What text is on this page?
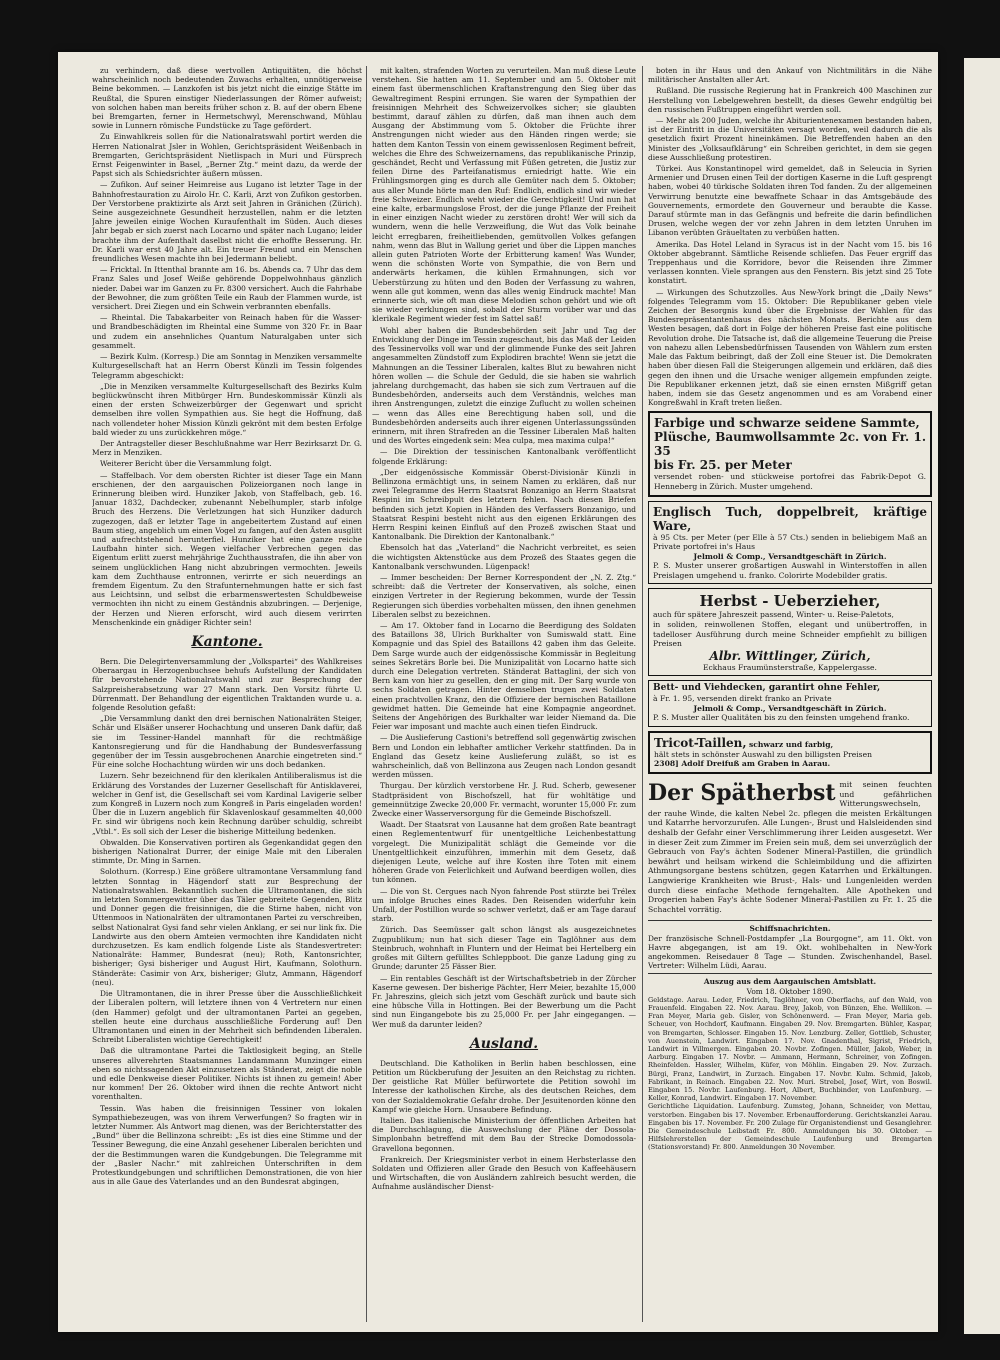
zu verhindern, daß diese wertvollen Antiquitäten, die höchst wahrscheinlich noch bedeutenden Zuwachs erhalten, unnötigerweise Beine bekommen. — Lanzkofen ist bis jetzt nicht die einzige Stätte im Reußtal, die Spuren einstiger Niederlassungen der Römer aufweist; von solchen haben man bereits früher schon z. B. auf der obern Ebene bei Bremgarten, ferner in Hermetschwyl, Merenschwand, Mühlau sowie in Lunnern römische Fundstücke zu Tage gefördert.

Zu Einwahlkreis sollen für die Nationalratswahl portirt werden die Herren Nationalrat Jsler in Wohlen, Gerichtspräsident Weißenbach in Bremgarten, Gerichtspräsident Nietlispach in Muri und Fürsprech Ernst Feigenwinter in Basel, „Berner Ztg.“ meint dazu, da werde der Papst sich als Schiedsrichter äußern müssen.

— Zufikon. Auf seiner Heimreise aus Lugano ist letzter Tage in der Bahnhofrestauration zu Airolo Hr. C. Karli, Arzt von Zufikon gestorben. Der Verstorbene praktizirte als Arzt seit Jahren in Gränichen (Zürich). Seine ausgezeichnete Gesundheit herzustellen, nahm er die letzten Jahre jeweilen einige Wochen Kuraufenthalt im Süden. Auch dieses Jahr begab er sich zuerst nach Locarno und später nach Lugano; leider brachte ihm der Aufenthalt daselbst nicht die erhoffte Besserung. Hr. Dr. Karli war erst 40 Jahre alt. Ein treuer Freund und ein Menschen freundliches Wesen machte ihn bei Jedermann beliebt.

— Fricktal. In Ittenthal brannte am 16. bs. Abends ca. 7 Uhr das dem Franz Sales und Josef Weiße gehörende Doppelwohnhaus gänzlich nieder. Dabei war im Ganzen zu Fr. 8300 versichert. Auch die Fahrhabe der Bewohner, die zum größten Teile ein Raub der Flammen wurde, ist versichert. Drei Ziegen und ein Schwein verbrannten ebenfalls.

— Rheintal. Die Tabakarbeiter von Reinach haben für die Wasser- und Brandbeschädigten im Rheintal eine Summe von 320 Fr. in Baar und zudem ein ansehnliches Quantum Naturalgaben unter sich gesammelt.

— Bezirk Kulm. (Korresp.) Die am Sonntag in Menziken versammelte Kulturgesellschaft hat an Herrn Oberst Künzli im Tessin folgendes Telegramm abgeschickt:

„Die in Menziken versammelte Kulturgesellschaft des Bezirks Kulm beglückwünscht ihren Mitbürger Hrn. Bundeskommissär Künzli als einen der ersten Schweizerbürger der Gegenwart und spricht demselben ihre vollen Sympathien aus. Sie hegt die Hoffnung, daß nach vollendeter hoher Mission Künzli gekrönt mit dem besten Erfolge bald wieder zu uns zurückkehren möge.“

Der Antragsteller dieser Beschlußnahme war Herr Bezirksarzt Dr. G. Merz in Menziken.

Weiterer Bericht über die Versammlung folgt.

— Staffelbach. Vor dem obersten Richter ist dieser Tage ein Mann erschienen, der den aargauischen Polizeiorganen noch lange in Erinnerung bleiben wird. Hunziker Jakob, von Staffelbach, geb. 16. Januar 1832, Dachdecker, zubenannt Nebelhumpler, starb infolge Bruch des Herzens. Die Verletzungen hat sich Hunziker dadurch zugezogen, daß er letzter Tage in angebeitertem Zustand auf einen Baum stieg, angeblich um einen Vogel zu fangen, auf den Ästen ausglitt und aufrechtstehend herunterfiel. Hunziker hat eine ganze reiche Laufbahn hinter sich. Wegen vielfacher Verbrechen gegen das Eigentum erlitt zuerst mehrjährige Zuchthausstrafen, die ihn aber von seinem unglücklichen Hang nicht abzubringen vermochten. Jeweils kam dem Zuchthause entronnen, verirrte er sich neuerdings an fremdem Eigentum. Zu den Strafunternehmungen hatte er sich fast aus Leichtsinn, und selbst die erbarmenswertesten Schuldbeweise vermochten ihn nicht zu einem Geständnis abzubringen. — Derjenige, der Herzen und Nieren erforscht, wird auch diesem verirrten Menschenkinde ein gnädiger Richter sein!

Kantone.

Bern. Die Delegirtenversammlung der „Volkspartei“ des Wahlkreises Oberaargau in Herzogenbuchsee behufs Aufstellung der Kandidaten für bevorstehende Nationalratswahl und zur Besprechung der Salzpreisherabsetzung war 27 Mann stark. Den Vorsitz führte U. Dürrenmatt. Der Behandlung der eigentlichen Traktanden wurde u. a. folgende Resolution gefaßt:

„Die Versammlung dankt den drei bernischen Nationalräten Steiger, Schär und Elsäßer unserer Hochachtung und unseren Dank dafür, daß sie im Tessiner-Handel mannhaft für die rechtmäßige Kantonsregierung und für die Handhabung der Bundesverfassung gegenüber der im Tessin ausgebrochenen Anarchie eingetreten sind.“ Für eine solche Hochachtung würden wir uns doch bedanken.

Luzern. Sehr bezeichnend für den klerikalen Antiliberalismus ist die Erklärung des Vorstandes der Luzerner Gesellschaft für Antisklaverei, welcher in Genf ist, die Gesellschaft sei vom Kardinal Lavigerie selber zum Kongreß in Luzern noch zum Kongreß in Paris eingeladen worden! Über die in Luzern angeblich für Sklavenloskauf gesammelten 40,000 Fr. sind wir übrigens noch kein Rechnung darüber schuldig, schreibt „Vtbl.“. Es soll sich der Leser die bisherige Mitteilung bedenken.

Obwalden. Die Konservativen portiren als Gegenkandidat gegen den bisherigen Nationalrat Durrer, der einige Male mit den Liberalen stimmte, Dr. Ming in Sarnen.

Solothurn. (Korresp.) Eine größere ultramontane Versammlung fand letzten Sonntag in Hägendorf statt zur Besprechung der Nationalratswahlen. Bekanntlich suchen die Ultramontanen, die sich im letzten Sommergewitter über das Täler gebreitete Gegenden, Blitz und Donner gegen die freisinnigen, die die Stirne haben, nicht von Uttenmoos in Nationalräten der ultramontanen Partei zu verschreiben, selbst Nationalrat Gysi fand sehr vielen Anklang, er sei nur link fix. Die Landwirte aus den obern Amteien vermochten ihre Kandidaten nicht durchzusetzen. Es kam endlich folgende Liste als Standesvertreter: Nationalräte: Hammer, Bundesrat (neu); Roth, Kantonsrichter, bisheriger; Gysi bisheriger und August Hirt, Kaufmann, Solothurn. Ständeräte: Casimir von Arx, bisheriger; Glutz, Ammann, Hägendorf (neu).

Die Ultramontanen, die in ihrer Presse über die Ausschließlichkeit der Liberalen poltern, will letztere ihnen von 4 Vertretern nur einen (den Hammer) gefolgt und der ultramontanen Partei an gegeben, stellen heute eine durchaus ausschließliche Forderung auf! Den Ultramontanen und einen in der Mehrheit sich befindenden Liberalen. Schreibt Liberalisten wichtige Gerechtigkeit!

Daß die ultramontane Partei die Taktlosigkeit beging, an Stelle unseres allverehrten Staatsmannes Landammann Munzinger einen eben so nichtssagenden Akt einzusetzen als Ständerat, zeigt die noble und edle Denkweise dieser Politiker. Nichts ist ihnen zu gemein! Aber nur kommen! Der 26. Oktober wird ihnen die rechte Antwort nicht vorenthalten.

Tessin. Was haben die freisinnigen Tessiner von lokalen Sympathiebezeugen, was von ihrem Verwerfungen? So fragten wir in letzter Nummer. Als Antwort mag dienen, was der Berichterstatter des „Bund“ über die Bellinzona schreibt: „Es ist dies eine Stimme und der Tessiner Bewegung, die eine Anzahl gesehener Liberalen berichten und der die Bestimmungen waren die Kundgebungen. Die Telegramme mit der „Basler Nachr.“ mit zahlreichen Unterschriften in dem Protestkundgebungen und schriftlichen Demonstrationen, die von hier aus in alle Gaue des Vaterlandes und an den Bundesrat abgingen,

mit kalten, strafenden Worten zu verurteilen. Man muß diese Leute verstehen. Sie hatten am 11. September und am 5. Oktober mit einem fast übermenschlichen Kraftanstrengung den Sieg über das Gewaltregiment Respini errungen. Sie waren der Sympathien der freisinnigen Mehrheit des Schweizervolkes sicher; sie glaubten bestimmt, darauf zählen zu dürfen, daß man ihnen auch dem Ausgang der Abstimmung vom 5. Oktober die Früchte ihrer Anstrengungen nicht wieder aus den Händen ringen werde; sie hatten dem Kanton Tessin von einem gewissenlosen Regiment befreit, welches die Ehre des Schweizernamens, das republikanische Prinzip, geschändet, Recht und Verfassung mit Füßen getreten, die Justiz zur feilen Dirne des Parteifanatismus erniedrigt hatte. Wie ein Frühlingsmorgen ging es durch alle Gemüter nach dem 5. Oktober; aus aller Munde hörte man den Ruf: Endlich, endlich sind wir wieder freie Schweizer. Endlich weht wieder die Gerechtigkeit! Und nun hat eine kalte, erbarmungslose Frost, der die junge Pflanze der Freiheit in einer einzigen Nacht wieder zu zerstören droht! Wer will sich da wundern, wenn die helle Verzweiflung, die Wut das Volk beinahe leicht erregbaren, freiheitliebenden, gemütvollen Volkes gefangen nahm, wenn das Blut in Wallung geriet und über die Lippen manches allein guten Patrioten Worte der Erbitterung kamen! Was Wunder, wenn die schönsten Worte von Sympathie, die von Bern und anderwärts herkamen, die kühlen Ermahnungen, sich vor Ueberstürzung zu hüten und den Boden der Verfassung zu wahren, wenn alle gut kommen, wenn das alles wenig Eindruck machte! Man erinnerte sich, wie oft man diese Melodien schon gehört und wie oft sie wieder verklungen sind, sobald der Sturm vorüber war und das klerikale Regiment wieder fest im Sattel saß!

Wohl aber haben die Bundesbehörden seit Jahr und Tag der Entwicklung der Dinge im Tessin zugeschaut, bis das Maß der Leiden des Tessinervolks voll war und der glimmende Funke des seit Jahren angesammelten Zündstoff zum Explodiren brachte! Wenn sie jetzt die Mahnungen an die Tessiner Liberalen, kaltes Blut zu bewahren nicht hören wollen — die Schule der Geduld, die sie haben sie wahrlich jahrelang durchgemacht, das haben sie sich zum Vertrauen auf die Bundesbehörden, anderseits auch dem Verständnis, welches man ihren Anstrengungen, zuletzt die einzige Zuflucht zu wollen scheinen — wenn das Alles eine Berechtigung haben soll, und die Bundesbehörden anderseits auch ihrer eigenen Unterlassungssünden erinnern, mit ihren Strafreden an die Tessiner Liberalen Maß halten und des Wortes eingedenk sein: Mea culpa, mea maxima culpa!“

— Die Direktion der tessinischen Kantonalbank veröffentlicht folgende Erklärung:

„Der eidgenössische Kommissär Oberst-Divisionär Künzli in Bellinzona ermächtigt uns, in seinem Namen zu erklären, daß nur zwei Telegramme des Herrn Staatsrat Bonzanigo an Herrn Staatsrat Respini im Schreibpult des letztern fehlen. Nach diesen Briefen befinden sich jetzt Kopien in Händen des Verfassers Bonzanigo, und Staatsrat Respini besteht nicht aus den eigenen Erklärungen des Herrn Respini keinen Einfluß auf den Prozeß zwischen Staat und Kantonalbank. Die Direktion der Kantonalbank.“

Ebensolch hat das „Vaterland“ die Nachricht verbreitet, es seien die wichtigsten Aktenstücke aus dem Prozeß des Staates gegen die Kantonalbank verschwunden. Lügenpack!

— Immer bescheiden: Der Berner Korrespondent der „N. Z. Ztg.“ schreibt: daß die Vertreter der Konservativen, als solche, einen einzigen Vertreter in der Regierung bekommen, wurde der Tessin Regierungen sich überdies vorbehalten müssen, den ihnen genehmen Liberalen selbst zu bezeichnen.

— Am 17. Oktober fand in Locarno die Beerdigung des Soldaten des Bataillons 38, Ulrich Burkhalter von Sumiswald statt. Eine Kompagnie und das Spiel des Bataillons 42 gaben ihm das Geleite. Dem Sarge wurde auch der eidgenössische Kommissär in Begleitung seines Sekretärs Borle bei. Die Munizipalität von Locarno hatte sich durch eine Delegation vertreten. Ständerat Battaglini, der sich von Bern kam von hier zu gesellen, den er ging mit. Der Sarg wurde von sechs Soldaten getragen. Hinter demselben trugen zwei Soldaten einen prachtvollen Kranz, den die Offiziere der bernischen Bataillone gewidmet hatten. Die Gemeinde hat eine Kompagnie angeordnet. Seitens der Angehörigen des Burkhalter war leider Niemand da. Die Feier war imposant und machte auch einen tiefen Eindruck.

— Die Auslieferung Castioni's betreffend soll gegenwärtig zwischen Bern und London ein lebhafter amtlicher Verkehr stattfinden. Da in England das Gesetz keine Auslieferung zuläßt, so ist es wahrscheinlich, daß von Bellinzona aus Zeugen nach London gesandt werden müssen.

Thurgau. Der kürzlich verstorbene Hr. J. Rud. Scherb, gewesener Stadtpräsident von Bischofszell, hat für wohltätige und gemeinnützige Zwecke 20,000 Fr. vermacht, worunter 15,000 Fr. zum Zwecke einer Wasserversorgung für die Gemeinde Bischofszell.

Waadt. Der Staatsrat von Lausanne hat dem großen Rate beantragt einen Reglemententwurf für unentgeltliche Leichenbestattung vorgelegt. Die Munizipalität schlägt die Gemeinde vor die Unentgeltlichkeit einzuführen, immerhin mit dem Gesetz, daß diejenigen Leute, welche auf ihre Kosten ihre Toten mit einem höheren Grade von Feierlichkeit und Aufwand beerdigen wollen, dies tun können.

— Die von St. Cergues nach Nyon fahrende Post stürzte bei Trélex um infolge Bruches eines Rades. Den Reisenden widerfuhr kein Unfall, der Postillion wurde so schwer verletzt, daß er am Tage darauf starb.

Zürich. Das Seemüsser galt schon längst als ausgezeichnetes Zugpublikum; nun hat sich dieser Tage ein Taglöhner aus dem Steinbruch, wohnhaft in Fluntern und der Heimat bei Hertelberg ein großes mit Giltern gefülltes Schleppboot. Die ganze Ladung ging zu Grunde; darunter 25 Fässer Bier.

— Ein rentables Geschäft ist der Wirtschaftsbetrieb in der Zürcher Kaserne gewesen. Der bisherige Pächter, Herr Meier, bezahlte 15,000 Fr. Jahreszins, gleich sich jetzt vom Geschäft zurück und baute sich eine hübsche Villa in Hottingen. Bei der Bewerbung um die Pacht sind nun Eingangebote bis zu 25,000 Fr. per Jahr eingegangen. — Wer muß da darunter leiden?

Ausland.

Deutschland. Die Katholiken in Berlin haben beschlossen, eine Petition um Rückberufung der Jesuiten an den Reichstag zu richten. Der geistliche Rat Müller befürwortete die Petition sowohl im Interesse der katholischen Kirche, als des deutschen Reiches, dem von der Sozialdemokratie Gefahr drohe. Der Jesuitenorden könne den Kampf wie gleiche Horn. Unsaubere Befindung.

Italien. Das italienische Ministerium der öffentlichen Arbeiten hat die Durchschlagung, die Auswechslung der Pläne der Dossola-Simplonbahn betreffend mit dem Bau der Strecke Domodossola-Gravellona begonnen.

Frankreich. Der Kriegsminister verbot in einem Herbsterlasse den Soldaten und Offizieren aller Grade den Besuch von Kaffeehäusern und Wirtschaften, die von Ausländern zahlreich besucht werden, die Aufnahme ausländischer Dienst-

boten in ihr Haus und den Ankauf von Nichtmilitärs in die Nähe militärischer Anstalten aller Art.

Rußland. Die russische Regierung hat in Frankreich 400 Maschinen zur Herstellung von Lebelgewehren bestellt, da dieses Gewehr endgültig bei den russischen Fußtruppen eingeführt werden soll.

— Mehr als 200 Juden, welche ihr Abiturientenexamen bestanden haben, ist der Eintritt in die Universitäten versagt worden, weil dadurch die als gesetzlich fixirt Prozent hineinkämen. Die Betreffenden haben an den Minister des „Volksaufklärung“ ein Schreiben gerichtet, in dem sie gegen diese Ausschließung protestiren.

Türkei. Aus Konstantinopel wird gemeldet, daß in Seleucia in Syrien Armenier und Drusen einen Teil der dortigen Kaserne in die Luft gesprengt haben, wobei 40 türkische Soldaten ihren Tod fanden. Zu der allgemeinen Verwirrung benutzte eine bewaffnete Schaar in das Amtsgebäude des Gouvernements, ermordete den Gouverneur und beraubte die Kasse. Darauf stürmte man in das Gefängnis und befreite die darin befindlichen Drusen, welche wegen der vor zehn Jahren in dem letzten Unruhen im Libanon verübten Gräueltaten zu verbüßen hatten.

Amerika. Das Hotel Leland in Syracus ist in der Nacht vom 15. bis 16 Oktober abgebrannt. Sämtliche Reisende schliefen. Das Feuer ergriff das Treppenhaus und die Korridore, bevor die Reisenden ihre Zimmer verlassen konnten. Viele sprangen aus den Fenstern. Bis jetzt sind 25 Tote konstatirt.

— Wirkungen des Schutzzolles. Aus New-York bringt die „Daily News“ folgendes Telegramm vom 15. Oktober: Die Republikaner geben viele Zeichen der Besorgnis kund über die Ergebnisse der Wahlen für das Bundesrepräsentantenhaus des nächsten Monats. Berichte aus dem Westen besagen, daß dort in Folge der höheren Preise fast eine politische Revolution drohe. Die Tatsache ist, daß die allgemeine Teuerung die Preise von nahezu allen Lebensbedürfnissen Tausenden von Wählern zum ersten Male das Faktum beibringt, daß der Zoll eine Steuer ist. Die Demokraten haben über diesen Fall die Steigerungen allgemein und erklären, daß dies gegen den ihnen und die Ursache weniger allgemein empfunden zeigte. Die Republikaner erkennen jetzt, daß sie einen ernsten Mißgriff getan haben, indem sie das Gesetz angenommen und es am Vorabend einer Kongreßwahl in Kraft treten ließen.

Farbige und schwarze seidene Sammte,
Plüsche, Baumwollsammte 2c. von Fr. 1. 35
bis Fr. 25. per Meter
versendet roben- und stückweise portofrei das Fabrik-Depot G. Henneberg in Zürich. Muster umgehend.
Englisch Tuch, doppelbreit, kräftige Ware,
à 95 Cts. per Meter (per Elle à 57 Cts.) senden in beliebigem Maß an Private portofrei in's Haus
Jelmoli & Comp., Versandtgeschäft in Zürich.
P. S. Muster unserer großartigen Auswahl in Winterstoffen in allen Preislagen umgehend u. franko. Colorirte Modebilder gratis.
Herbst - Ueberzieher,
auch für spätere Jahreszeit passend, Winter- u. Reise-Paletots,
in soliden, reinwollenen Stoffen, elegant und unübertroffen, in tadelloser Ausführung durch meine Schneider empfiehlt zu billigen Preisen
Albr. Wittlinger, Zürich,
Eckhaus Fraumünsterstraße, Kappelergasse.
Bett- und Viehdecken, garantirt ohne Fehler,
à Fr. 1. 95, versenden direkt franko an Private
Jelmoli & Comp., Versandtgeschäft in Zürich.
P. S. Muster aller Qualitäten bis zu den feinsten umgehend franko.
Tricot-Taillen, schwarz und farbig,
hält stets in schönster Auswahl zu den billigsten Preisen
2308] Adolf Dreifuß am Graben in Aarau.
Der Spätherbst mit seinen feuchten und gefährlichen Witterungswechseln, der rauhe Winde, die kalten Nebel 2c. pflegen die meisten Erkältungen und Katarrhe hervorzurufen. Alle Lungen-, Brust und Halsleidenden sind deshalb der Gefahr einer Verschlimmerung ihrer Leiden ausgesetzt. Wer in dieser Zeit zum Zimmer im Freien sein muß, dem sei unverzüglich der Gebrauch von Fay's ächten Sodener Mineral-Pastillen, die gründlich bewährt und heilsam wirkend die Schleimbildung und die affizirten Athmungsorgane bestens schützen, gegen Katarrhen und Erkältungen. Langwierige Krankheiten wie Brust-, Hals- und Lungenleiden werden durch diese einfache Methode ferngehalten. Alle Apotheken und Drogerien haben Fay's ächte Sodener Mineral-Pastillen zu Fr. 1. 25 die Schachtel vorrätig.
Schiffsnachrichten.
Der französische Schnell-Postdampfer „La Bourgogne“, am 11. Okt. von Havre abgegangen, ist am 19. Okt. wohlbehalten in New-York angekommen. Reisedauer 8 Tage — Stunden. Zwischenhandel, Basel. Vertreter: Wilhelm Lüdi, Aarau.
Auszug aus dem Aargauischen Amtsblatt.
Vom 18. Oktober 1890.
Geldstage. Aarau. Leder, Friedrich, Taglöhner, von Oberflachs, auf den Wald, von Frauenfeld. Eingaben 22. Nov. Aarau. Brey, Jakob, von Bünzen, Ehe. Wellikon. — Fran Meyer, Maria geb. Gisler, von Schönenwerd. — Fran Meyer, Maria geb. Scheuer, von Hochdorf, Kaufmann. Eingaben 29. Nov. Bremgarten. Bühler, Kaspar, von Bremgarten, Schlosser. Eingaben 15. Nov. Lenzburg. Zeller, Gottlieb, Schuster, von Auenstein, Landwirt. Eingaben 17. Nov. Gnadenthal, Sigrist, Friedrich, Landwirt in Villmergen. Eingaben 20. Novbr. Zofingen. Müller, Jakob, Weber, in Aarburg. Eingaben 17. Novbr. — Ammann, Hermann, Schreiner, von Zofingen. Rheinfelden. Hassler, Wilhelm, Küfer, von Möhlin. Eingaben 29. Nov. Zurzach. Bürgi, Franz, Landwirt, in Zurzach. Eingaben 17. Novbr. Kulm. Schmid, Jakob, Fabrikant, in Reinach. Eingaben 22. Nov. Muri. Strebel, Josef, Wirt, von Boswil. Eingaben 15. Novbr. Laufenburg. Hort, Albert, Buchbinder, von Laufenburg. — Keller, Konrad, Landwirt. Eingaben 17. November.
Gerichtliche Liquidation. Laufenburg. Zumsteg, Johann, Schneider, von Mettau, verstorben. Eingaben bis 17. November. Erbenaufforderung. Gerichtskanzlei Aarau. Eingaben bis 17. November. Fr. 200 Zulage für Organistendienst und Gesanglehrer. Die Gemeindeschule Leibstadt Fr. 800. Anmeldungen bis 30. Oktober. — Hilfslehrerstellen der Gemeindeschule Laufenburg und Bremgarten (Stationsvorstand) Fr. 800. Anmeldungen 30 November.
